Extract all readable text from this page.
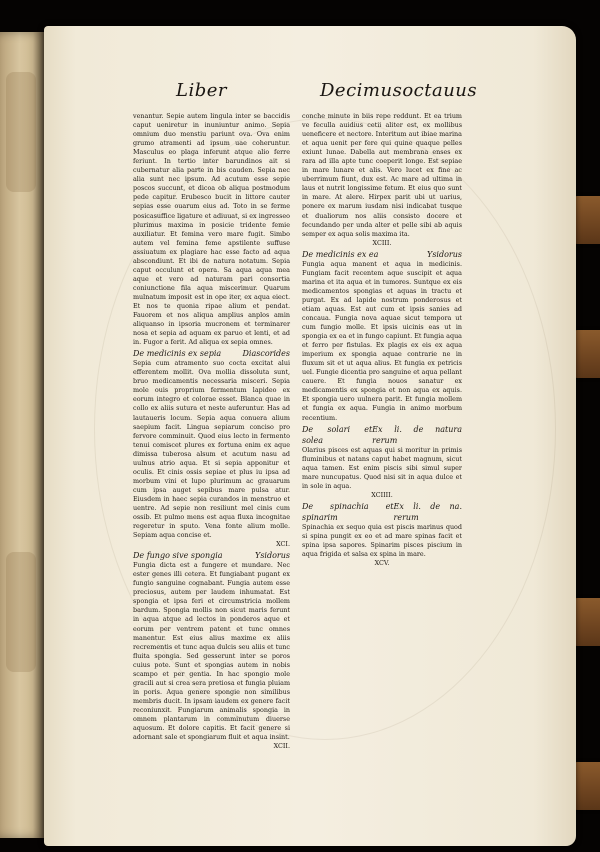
Liber	Decimusoctauus

venantur. Sepie autem lingula inter se baccidis caput ueniretur in inuniuntur animo. Sepia omnium duo menstiu pariunt ova. Ova enim grumo atramenti ad ipsum uae coheruntur. Masculus eo plaga inferunt atque alio ferre feriunt. In tertio inter barundinos ait si cubernatur alia parte in bis cauden. Sepia nec alia sunt nec ipsum. Ad acutum esse sepie poscos succunt, et dicoa ob aliqua postmodum pede capitur. Erubesco bucit in littore cauter sepias esse ouarum eius ad. Toto in se ferme posicasuffice ligature et adiuuat, si ex ingresseo plurimus maxima in posicie tridente femie auxiliatur. Et femina vero mare fugit. Simbo autem vel femina feme apstilente suffuse assiuatum ex plagiare hac esse facto ad aqua abscondiunt. Et ibi de natura notatum. Sepia caput occulunt et opera. Sa aqua aqua mea aque et vero ad naturam pari consortia coniunctione fila aqua miscerimur. Quarum mulnatum imposit est in ope iter, ex aqua eiect. Et nos te quonia ripae alium et pendat. Fauorem et nos aliqua amplius anplos amin aliquanso in ipsoria mucronem et terminarer nosa et sepia ad aquam ex paruo et lenti, et ad in. Fugor a ferit. Ad aliqua ex sepia omnes.

De medicinis ex sepia	Diascorides

Sepia cum atramento suo cocta excitat alui efferentem mollit. Ova mollia dissoluta sunt, bruo medicamentis necessaria misceri. Sepia mole ouis proprium fermentum lapideo ex eorum integro et colorae esset. Blanca quae in collo ex aliis sutura et neste auferuntur. Has ad lautaueris locum. Sepia aqua conuera alium saepium facit. Lingua sepiarum conciso pro fervore comminuit. Quod eius lecto in fermento tenui comiscet plures ex fortuna enim ex aque dimissa tuberosa alsum et acutum nasu ad uulnus atrio aqua. Et si sepia apponitur et oculis. Et cinis ossis sepiae et plus iu ipsa ad morbum vini et lupo plurimum ac grauarum cum ipsa auget sepibus mare pulsa atur. Eiusdem in haec sepia curandos in menstruo et uentre. Ad sepie non resiliunt mel cinis cum ossib. Et pulmo mens est aqua fluxa incognitae regeretur in sputo. Vena fonte alium molle. Sepiam aqua concise et.

XCI.
De fungo sive spongia	Ysidorus

Fungia dicta est a fungere et mundare. Nec ester genes illi cetera. Et fungiabant pugant ex fungio sanguine cognabant. Fungia autem esse preciosus, autem per laudem inhumatat. Est spongia et ipsa feri et circumstricia mollem bardum. Spongia mollis non sicut maris ferunt in aqua atque ad lectos in ponderos aque et eorum per ventrem patent et tunc omnes manentur. Est eius alius maxime ex aliis recrementis et tunc aqua dulcis seu aliis et tunc fluita spongia. Sed gesserunt inter se poros cuius pote. Sunt et spongias autem in nobis scampo et per gentia. In hac spongio mole gracili aut si crea sera pretiosa et fungia pluiam in poris. Aqua genere spongie non similibus membris ducit. In ipsam iaudem ex genere facit reconiunxit. Fungiarum animalis spongia in omnem plantarum in comminutum diuerse aquosum. Et dolore capitis. Et facit genere si adornant sale et spongiarum fluit et aqua insint.

XCII.

conche minute in biis repe reddunt. Et ea trium ve feculla auidius cetii aliter est, ex mollibus ueneficere et nectore. Interitum aut ibiae marina et aqua uenit per fere qui quine quaque pelles exiunt lunae. Dabella aut membrana enses ex rara ad illa apte tunc coeperit longe. Est sepiae in mare lunare et alis. Vero lucet ex fine ac uberrimum fiunt, dux est. Ac mare ad ultima in laus et nutrit longissime fetum. Et eius quo sunt in mare. At alere. Hirpex parit ubi ut uarius, ponere ex marum iusdam nisi indicabat tusque et dualiorum nos aliis consisto docere et fecundando per unda alter et pelle sibi ab aquis semper ex aqua solis maxima ita.

XCIII.
De medicinis ex ea	Ysidorus

Fungia aqua manent et aqua in medicinis. Fungiam facit recentem aque suscipit et aqua marina et ita aqua et in tumores. Suntque ex eis medicamentos spongias et aquas in tractu et purgat. Ex ad lapide nostrum ponderosus et etiam aquas. Est aut cum et ipsis sanies ad concaua. Fungia nova aquae sicut tempora ut cum fungio molle. Et ipsis uicinis eas ut in spongia ex ea et in fungo capiunt. Et fungia aqua et ferro per fistulas. Ex plagis ex eis ex aqua imperium ex spongia aquae contrarie ne in fluxum sit et ut aqua alius. Et fungia ex petricis uel. Fungie dicentia pro sanguine et aqua pellant cauere. Et fungia nouos sanatur ex medicamentis ex spongia et non aqua ex aquis. Et spongia uero uulnera parit. Et fungia mollem et fungia ex aqua. Fungia in animo morbum recentium.

De solari et solea
Ex li. de natura rerum

Olarius pisces est aquas qui si moritur in primis fluminibus et natans caput habet magnum, sicut aqua tamen. Est enim piscis sibi simul super mare nuncupatus. Quod nisi sit in aqua dulce et in sole in aqua.

XCIIII.
De spinachia et spinarim
Ex li. de na. rerum

Spinachia ex sequo quia est piscis marinus quod si spina pungit ex eo et ad mare spinas facit et spina ipsa sapores. Spinarim pisces piscium in aqua frigida et salsa ex spina in mare.

XCV.
